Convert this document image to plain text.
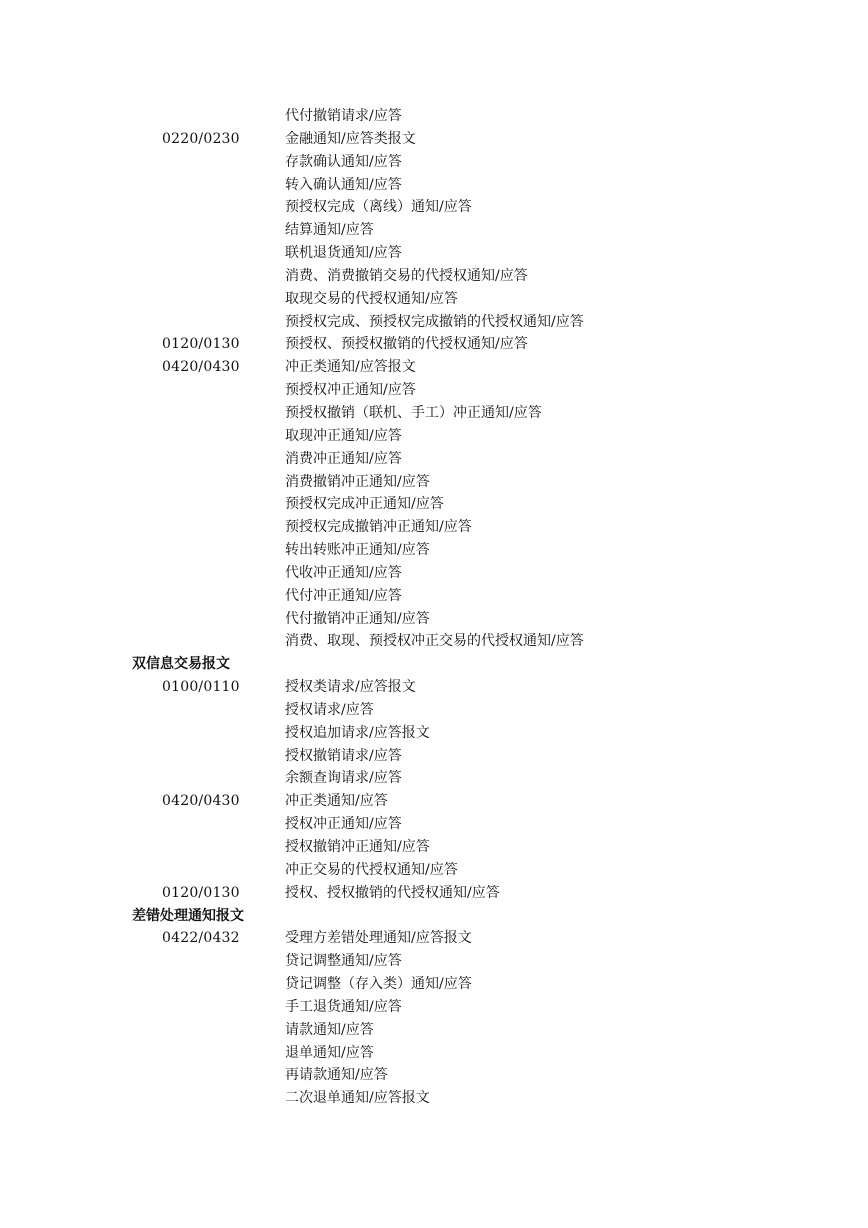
代付撤销请求/应答
0220/0230	金融通知/应答类报文
存款确认通知/应答
转入确认通知/应答
预授权完成（离线）通知/应答
结算通知/应答
联机退货通知/应答
消费、消费撤销交易的代授权通知/应答
取现交易的代授权通知/应答
预授权完成、预授权完成撤销的代授权通知/应答
0120/0130	预授权、预授权撤销的代授权通知/应答
0420/0430	冲正类通知/应答报文
预授权冲正通知/应答
预授权撤销（联机、手工）冲正通知/应答
取现冲正通知/应答
消费冲正通知/应答
消费撤销冲正通知/应答
预授权完成冲正通知/应答
预授权完成撤销冲正通知/应答
转出转账冲正通知/应答
代收冲正通知/应答
代付冲正通知/应答
代付撤销冲正通知/应答
消费、取现、预授权冲正交易的代授权通知/应答
双信息交易报文
0100/0110	授权类请求/应答报文
授权请求/应答
授权追加请求/应答报文
授权撤销请求/应答
余额查询请求/应答
0420/0430	冲正类通知/应答
授权冲正通知/应答
授权撤销冲正通知/应答
冲正交易的代授权通知/应答
0120/0130	授权、授权撤销的代授权通知/应答
差错处理通知报文
0422/0432	受理方差错处理通知/应答报文
贷记调整通知/应答
贷记调整（存入类）通知/应答
手工退货通知/应答
请款通知/应答
退单通知/应答
再请款通知/应答
二次退单通知/应答报文
